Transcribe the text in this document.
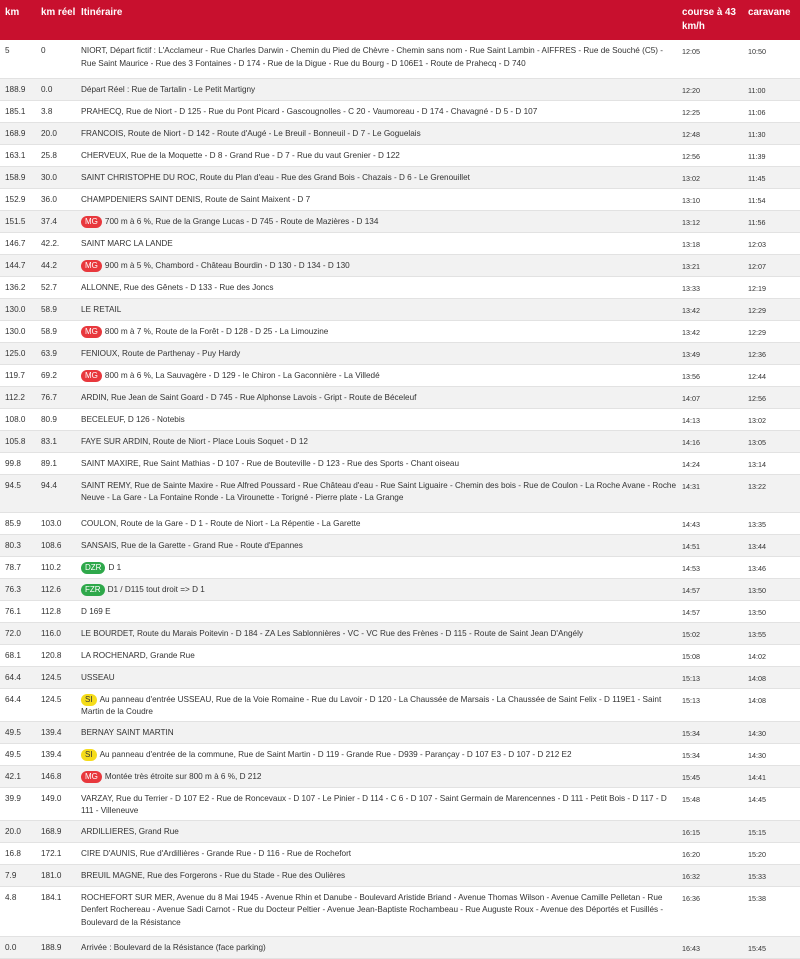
km	km réel	Itinéraire	course à 43 km/h	caravane
5	0	NIORT, Départ fictif : L'Acclameur - Rue Charles Darwin - Chemin du Pied de Chèvre - Chemin sans nom - Rue Saint Lambin - AIFFRES - Rue de Souché (C5) - Rue Saint Maurice - Rue des 3 Fontaines - D 174 - Rue de la Digue - Rue du Bourg - D 106E1 - Route de Prahecq - D 740	12:05	10:50
188.9	0.0	Départ Réel : Rue de Tartalin - Le Petit Martigny	12:20	11:00
185.1	3.8	PRAHECQ, Rue de Niort - D 125 - Rue du Pont Picard - Gascougnolles - C 20 - Vaumoreau - D 174 - Chavagné - D 5 - D 107	12:25	11:06
168.9	20.0	FRANCOIS, Route de Niort - D 142 - Route d'Augé - Le Breuil - Bonneuil - D 7 - Le Goguelais	12:48	11:30
163.1	25.8	CHERVEUX, Rue de la Moquette - D 8 - Grand Rue - D 7 - Rue du vaut Grenier - D 122	12:56	11:39
158.9	30.0	SAINT CHRISTOPHE DU ROC, Route du Plan d'eau - Rue des Grand Bois - Chazais - D 6 - Le Grenouillet	13:02	11:45
152.9	36.0	CHAMPDENIERS SAINT DENIS, Route de Saint Maixent - D 7	13:10	11:54
151.5	37.4	MG 700 m à 6 %, Rue de la Grange Lucas - D 745 - Route de Mazières - D 134	13:12	11:56
146.7	42.2.	SAINT MARC LA LANDE	13:18	12:03
144.7	44.2	MG 900 m à 5 %, Chambord - Château Bourdin - D 130 - D 134 - D 130	13:21	12:07
136.2	52.7	ALLONNE, Rue des Gênets - D 133 - Rue des Joncs	13:33	12:19
130.0	58.9	LE RETAIL	13:42	12:29
130.0	58.9	MG 800 m à 7 %, Route de la Forêt - D 128 - D 25 - La Limouzine	13:42	12:29
125.0	63.9	FENIOUX, Route de Parthenay - Puy Hardy	13:49	12:36
119.7	69.2	MG 800 m à 6 %, La Sauvagère - D 129 - le Chiron - La Gaconnière - La Villedé	13:56	12:44
112.2	76.7	ARDIN, Rue Jean de Saint Goard - D 745 - Rue Alphonse Lavois - Gript - Route de Béceleuf	14:07	12:56
108.0	80.9	BECELEUF, D 126 - Notebis	14:13	13:02
105.8	83.1	FAYE SUR ARDIN, Route de Niort - Place Louis Soquet - D 12	14:16	13:05
99.8	89.1	SAINT MAXIRE, Rue Saint Mathias - D 107 - Rue de Bouteville - D 123 - Rue des Sports - Chant oiseau	14:24	13:14
94.5	94.4	SAINT REMY, Rue de Sainte Maxire - Rue Alfred Poussard - Rue Château d'eau - Rue Saint Liguaire - Chemin des bois - Rue de Coulon - La Roche Avane - Roche Neuve - La Gare - La Fontaine Ronde - La Virounette - Torigné - Pierre plate - La Grange	14:31	13:22
85.9	103.0	COULON, Route de la Gare - D 1 - Route de Niort - La Répentie - La Garette	14:43	13:35
80.3	108.6	SANSAIS, Rue de la Garette - Grand Rue - Route d'Epannes	14:51	13:44
78.7	110.2	DZR D 1	14:53	13:46
76.3	112.6	FZR D1 / D115 tout droit => D 1	14:57	13:50
76.1	112.8	D 169 E	14:57	13:50
72.0	116.0	LE BOURDET, Route du Marais Poitevin - D 184 - ZA Les Sablonnières - VC - VC Rue des Frènes - D 115 - Route de Saint Jean D'Angély	15:02	13:55
68.1	120.8	LA ROCHENARD, Grande Rue	15:08	14:02
64.4	124.5	USSEAU	15:13	14:08
64.4	124.5	SI Au panneau d'entrée USSEAU, Rue de la Voie Romaine - Rue du Lavoir - D 120 - La Chaussée de Marsais - La Chaussée de Saint Felix - D 119E1 - Saint Martin de la Coudre	15:13	14:08
49.5	139.4	BERNAY SAINT MARTIN	15:34	14:30
49.5	139.4	SI Au panneau d'entrée de la commune, Rue de Saint Martin - D 119 - Grande Rue - D939 - Parançay - D 107 E3 - D 107 - D 212 E2	15:34	14:30
42.1	146.8	MG Montée très étroite sur 800 m à 6 %, D 212	15:45	14:41
39.9	149.0	VARZAY, Rue du Terrier - D 107 E2 - Rue de Roncevaux - D 107 - Le Pinier - D 114 - C 6 - D 107 - Saint Germain de Marencennes - D 111 - Petit Bois - D 117 - D 111 - Villeneuve	15:48	14:45
20.0	168.9	ARDILLIERES, Grand Rue	16:15	15:15
16.8	172.1	CIRE D'AUNIS, Rue d'Ardillières - Grande Rue - D 116 - Rue de Rochefort	16:20	15:20
7.9	181.0	BREUIL MAGNE, Rue des Forgerons - Rue du Stade - Rue des Oulières	16:32	15:33
4.8	184.1	ROCHEFORT SUR MER, Avenue du 8 Mai 1945 - Avenue Rhin et Danube - Boulevard Aristide Briand - Avenue Thomas Wilson - Avenue Camille Pelletan - Rue Denfert Rochereau - Avenue Sadi Carnot - Rue du Docteur Peltier - Avenue Jean-Baptiste Rochambeau - Rue Auguste Roux - Avenue des Déportés et Fusillés - Boulevard de la Résistance	16:36	15:38
0.0	188.9	Arrivée : Boulevard de la Résistance (face parking)	16:43	15:45
